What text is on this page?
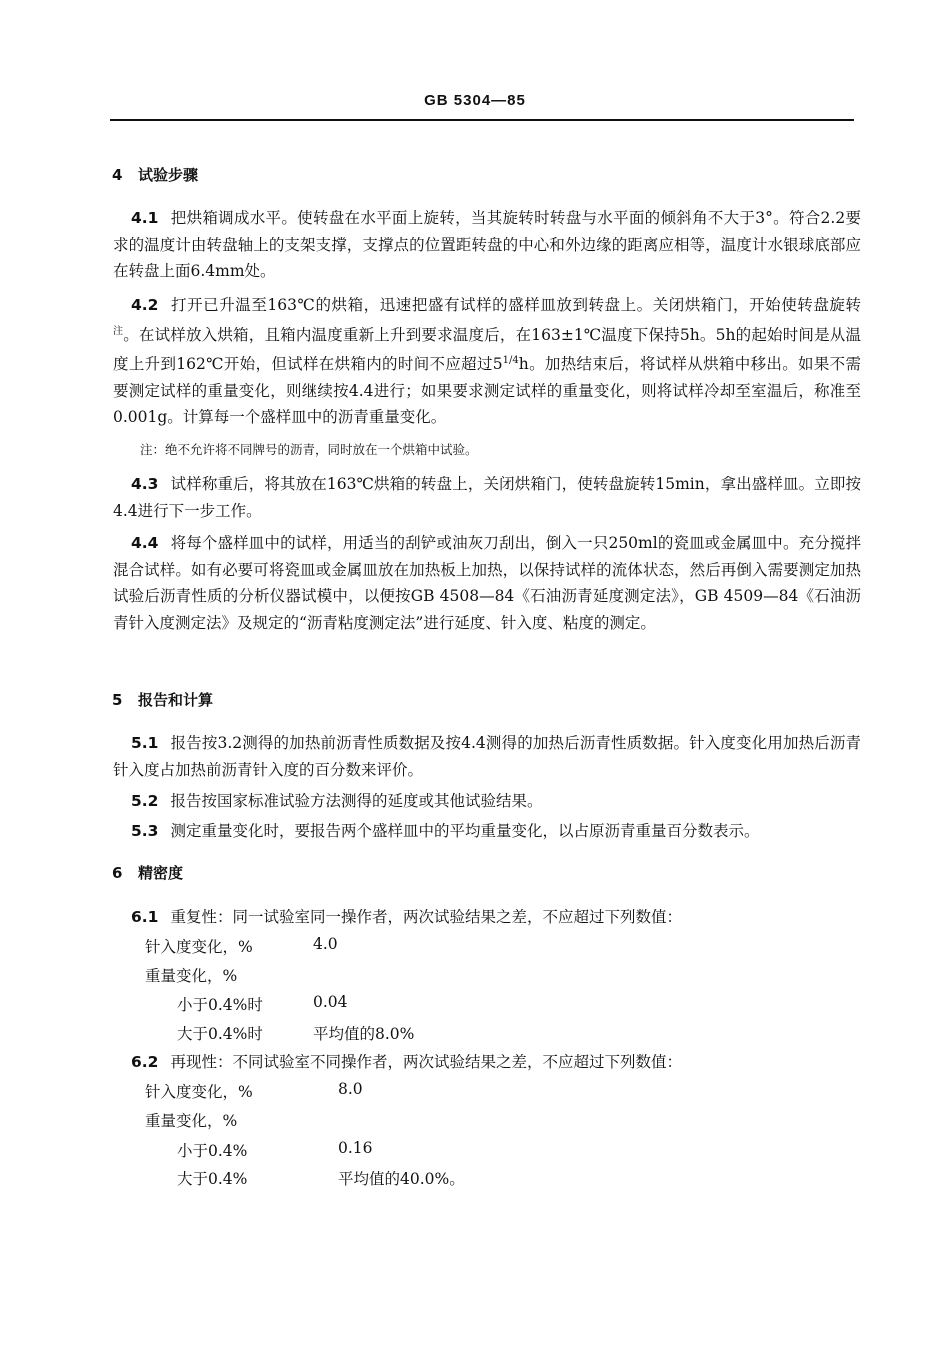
GB 5304—85
4 试验步骤
4.1 把烘箱调成水平。使转盘在水平面上旋转，当其旋转时转盘与水平面的倾斜角不大于3°。符合2.2要求的温度计由转盘轴上的支架支撑，支撑点的位置距转盘的中心和外边缘的距离应相等，温度计水银球底部应在转盘上面6.4mm处。
4.2 打开已升温至163℃的烘箱，迅速把盛有试样的盛样皿放到转盘上。关闭烘箱门，开始使转盘旋转$^注$。在试样放入烘箱，且箱内温度重新上升到要求温度后，在163±1℃温度下保持5h。5h的起始时间是从温度上升到162℃开始，但试样在烘箱内的时间不应超过$5^{1/4}h$。加热结束后，将试样从烘箱中移出。如果不需要测定试样的重量变化，则继续按4.4进行；如果要求测定试样的重量变化，则将试样冷却至室温后，称准至0.001g。计算每一个盛样皿中的沥青重量变化。
注：绝不允许将不同牌号的沥青，同时放在一个烘箱中试验。
4.3 试样称重后，将其放在163℃烘箱的转盘上，关闭烘箱门，使转盘旋转15min，拿出盛样皿。立即按4.4进行下一步工作。
4.4 将每个盛样皿中的试样，用适当的刮铲或油灰刀刮出，倒入一只250ml的瓷皿或金属皿中。充分搅拌混合试样。如有必要可将瓷皿或金属皿放在加热板上加热，以保持试样的流体状态，然后再倒入需要测定加热试验后沥青性质的分析仪器试模中，以便按GB 4508—84《石油沥青延度测定法》，GB 4509—84《石油沥青针入度测定法》及规定的“沥青粘度测定法”进行延度、针入度、粘度的测定。
5 报告和计算
5.1 报告按3.2测得的加热前沥青性质数据及按4.4测得的加热后沥青性质数据。针入度变化用加热后沥青针入度占加热前沥青针入度的百分数来评价。
5.2 报告按国家标准试验方法测得的延度或其他试验结果。
5.3 测定重量变化时，要报告两个盛样皿中的平均重量变化，以占原沥青重量百分数表示。
6 精密度
6.1 重复性：同一试验室同一操作者，两次试验结果之差，不应超过下列数值：
针入度变化，%	4.0
重量变化，%
小于0.4%时	0.04
大于0.4%时	平均值的8.0%
6.2 再现性：不同试验室不同操作者，两次试验结果之差，不应超过下列数值：
针入度变化，%	8.0
重量变化，%
小于0.4%	0.16
大于0.4%	平均值的40.0%。
